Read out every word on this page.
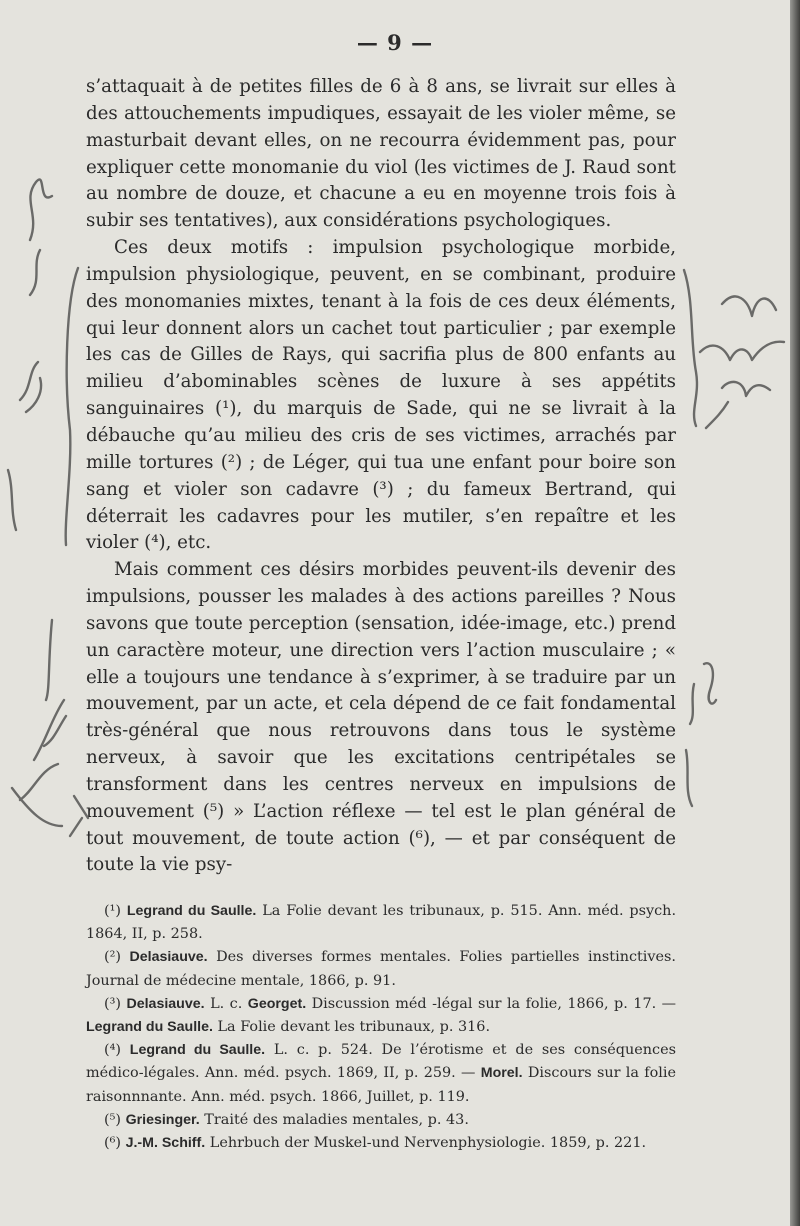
— 9 —

s’attaquait à de petites filles de 6 à 8 ans, se livrait sur elles à des attouchements impudiques, essayait de les violer même, se masturbait devant elles, on ne recourra évidemment pas, pour expliquer cette monomanie du viol (les victimes de J. Raud sont au nombre de douze, et chacune a eu en moyenne trois fois à subir ses tentatives), aux considérations psychologiques.

Ces deux motifs : impulsion psychologique morbide, impulsion physiologique, peuvent, en se combinant, produire des monomanies mixtes, tenant à la fois de ces deux éléments, qui leur donnent alors un cachet tout particulier ; par exemple les cas de Gilles de Rays, qui sacrifia plus de 800 enfants au milieu d’abominables scènes de luxure à ses appétits sanguinaires (¹), du marquis de Sade, qui ne se livrait à la débauche qu’au milieu des cris de ses victimes, arrachés par mille tortures (²) ; de Léger, qui tua une enfant pour boire son sang et violer son cadavre (³) ; du fameux Bertrand, qui déterrait les cadavres pour les mutiler, s’en repaître et les violer (⁴), etc.

Mais comment ces désirs morbides peuvent-ils devenir des impulsions, pousser les malades à des actions pareilles ? Nous savons que toute perception (sensation, idée-image, etc.) prend un caractère moteur, une direction vers l’action musculaire ; « elle a toujours une tendance à s’exprimer, à se traduire par un mouvement, par un acte, et cela dépend de ce fait fondamental très-général que nous retrouvons dans tous le système nerveux, à savoir que les excitations centripétales se transforment dans les centres nerveux en impulsions de mouvement (⁵) » L’action réflexe — tel est le plan général de tout mouvement, de toute action (⁶), — et par conséquent de toute la vie psy-

(¹) Legrand du Saulle. La Folie devant les tribunaux, p. 515. Ann. méd. psych. 1864, II, p. 258.

(²) Delasiauve. Des diverses formes mentales. Folies partielles instinctives. Journal de médecine mentale, 1866, p. 91.

(³) Delasiauve. L. c. Georget. Discussion méd -légal sur la folie, 1866, p. 17. — Legrand du Saulle. La Folie devant les tribunaux, p. 316.

(⁴) Legrand du Saulle. L. c. p. 524. De l’érotisme et de ses conséquences médico-légales. Ann. méd. psych. 1869, II, p. 259. — Morel. Discours sur la folie raisonnnante. Ann. méd. psych. 1866, Juillet, p. 119.

(⁵) Griesinger. Traité des maladies mentales, p. 43.

(⁶) J.-M. Schiff. Lehrbuch der Muskel-und Nervenphysiologie. 1859, p. 221.
